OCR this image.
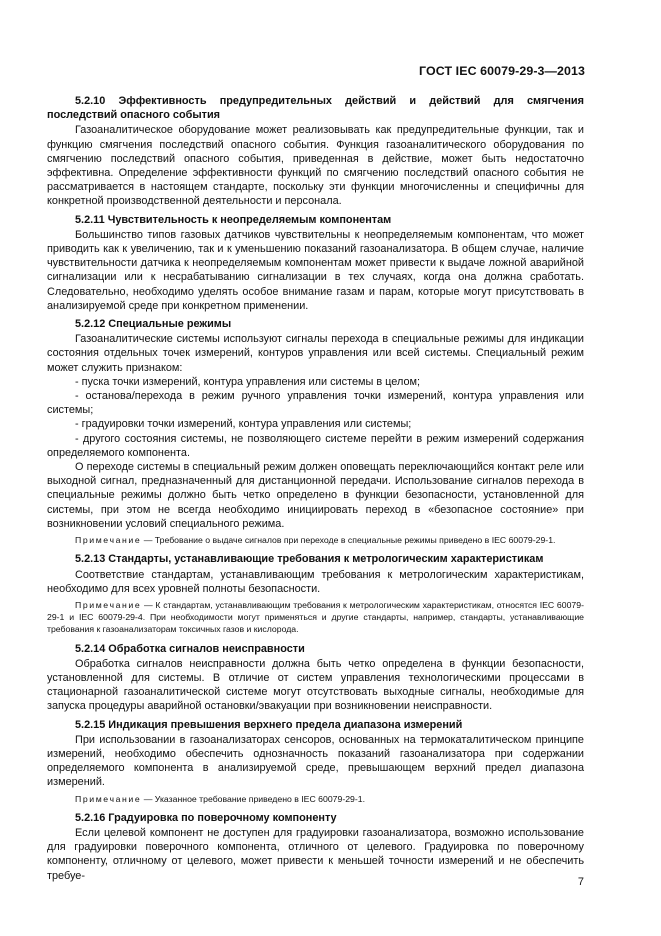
ГОСТ IEC 60079-29-3—2013
5.2.10 Эффективность предупредительных действий и действий для смягчения последствий опасного события
Газоаналитическое оборудование может реализовывать как предупредительные функции, так и функцию смягчения последствий опасного события. Функция газоаналитического оборудования по смягчению последствий опасного события, приведенная в действие, может быть недостаточно эффективна. Определение эффективности функций по смягчению последствий опасного события не рассматривается в настоящем стандарте, поскольку эти функции многочисленны и специфичны для конкретной производственной деятельности и персонала.
5.2.11 Чувствительность к неопределяемым компонентам
Большинство типов газовых датчиков чувствительны к неопределяемым компонентам, что может приводить как к увеличению, так и к уменьшению показаний газоанализатора. В общем случае, наличие чувствительности датчика к неопределяемым компонентам может привести к выдаче ложной аварийной сигнализации или к несрабатыванию сигнализации в тех случаях, когда она должна сработать. Следовательно, необходимо уделять особое внимание газам и парам, которые могут присутствовать в анализируемой среде при конкретном применении.
5.2.12 Специальные режимы
Газоаналитические системы используют сигналы перехода в специальные режимы для индикации состояния отдельных точек измерений, контуров управления или всей системы. Специальный режим может служить признаком:
- пуска точки измерений, контура управления или системы в целом;
- останова/перехода в режим ручного управления точки измерений, контура управления или системы;
- градуировки точки измерений, контура управления или системы;
- другого состояния системы, не позволяющего системе перейти в режим измерений содержания определяемого компонента.
О переходе системы в специальный режим должен оповещать переключающийся контакт реле или выходной сигнал, предназначенный для дистанционной передачи. Использование сигналов перехода в специальные режимы должно быть четко определено в функции безопасности, установленной для системы, при этом не всегда необходимо инициировать переход в «безопасное состояние» при возникновении условий специального режима.
Примечание — Требование о выдаче сигналов при переходе в специальные режимы приведено в IEC 60079-29-1.
5.2.13 Стандарты, устанавливающие требования к метрологическим характеристикам
Соответствие стандартам, устанавливающим требования к метрологическим характеристикам, необходимо для всех уровней полноты безопасности.
Примечание — К стандартам, устанавливающим требования к метрологическим характеристикам, относятся IEC 60079-29-1 и IEC 60079-29-4. При необходимости могут применяться и другие стандарты, например, стандарты, устанавливающие требования к газоанализаторам токсичных газов и кислорода.
5.2.14 Обработка сигналов неисправности
Обработка сигналов неисправности должна быть четко определена в функции безопасности, установленной для системы. В отличие от систем управления технологическими процессами в стационарной газоаналитической системе могут отсутствовать выходные сигналы, необходимые для запуска процедуры аварийной остановки/эвакуации при возникновении неисправности.
5.2.15 Индикация превышения верхнего предела диапазона измерений
При использовании в газоанализаторах сенсоров, основанных на термокаталитическом принципе измерений, необходимо обеспечить однозначность показаний газоанализатора при содержании определяемого компонента в анализируемой среде, превышающем верхний предел диапазона измерений.
Примечание — Указанное требование приведено в IEC 60079-29-1.
5.2.16 Градуировка по поверочному компоненту
Если целевой компонент не доступен для градуировки газоанализатора, возможно использование для градуировки поверочного компонента, отличного от целевого. Градуировка по поверочному компоненту, отличному от целевого, может привести к меньшей точности измерений и не обеспечить требуе-
7
